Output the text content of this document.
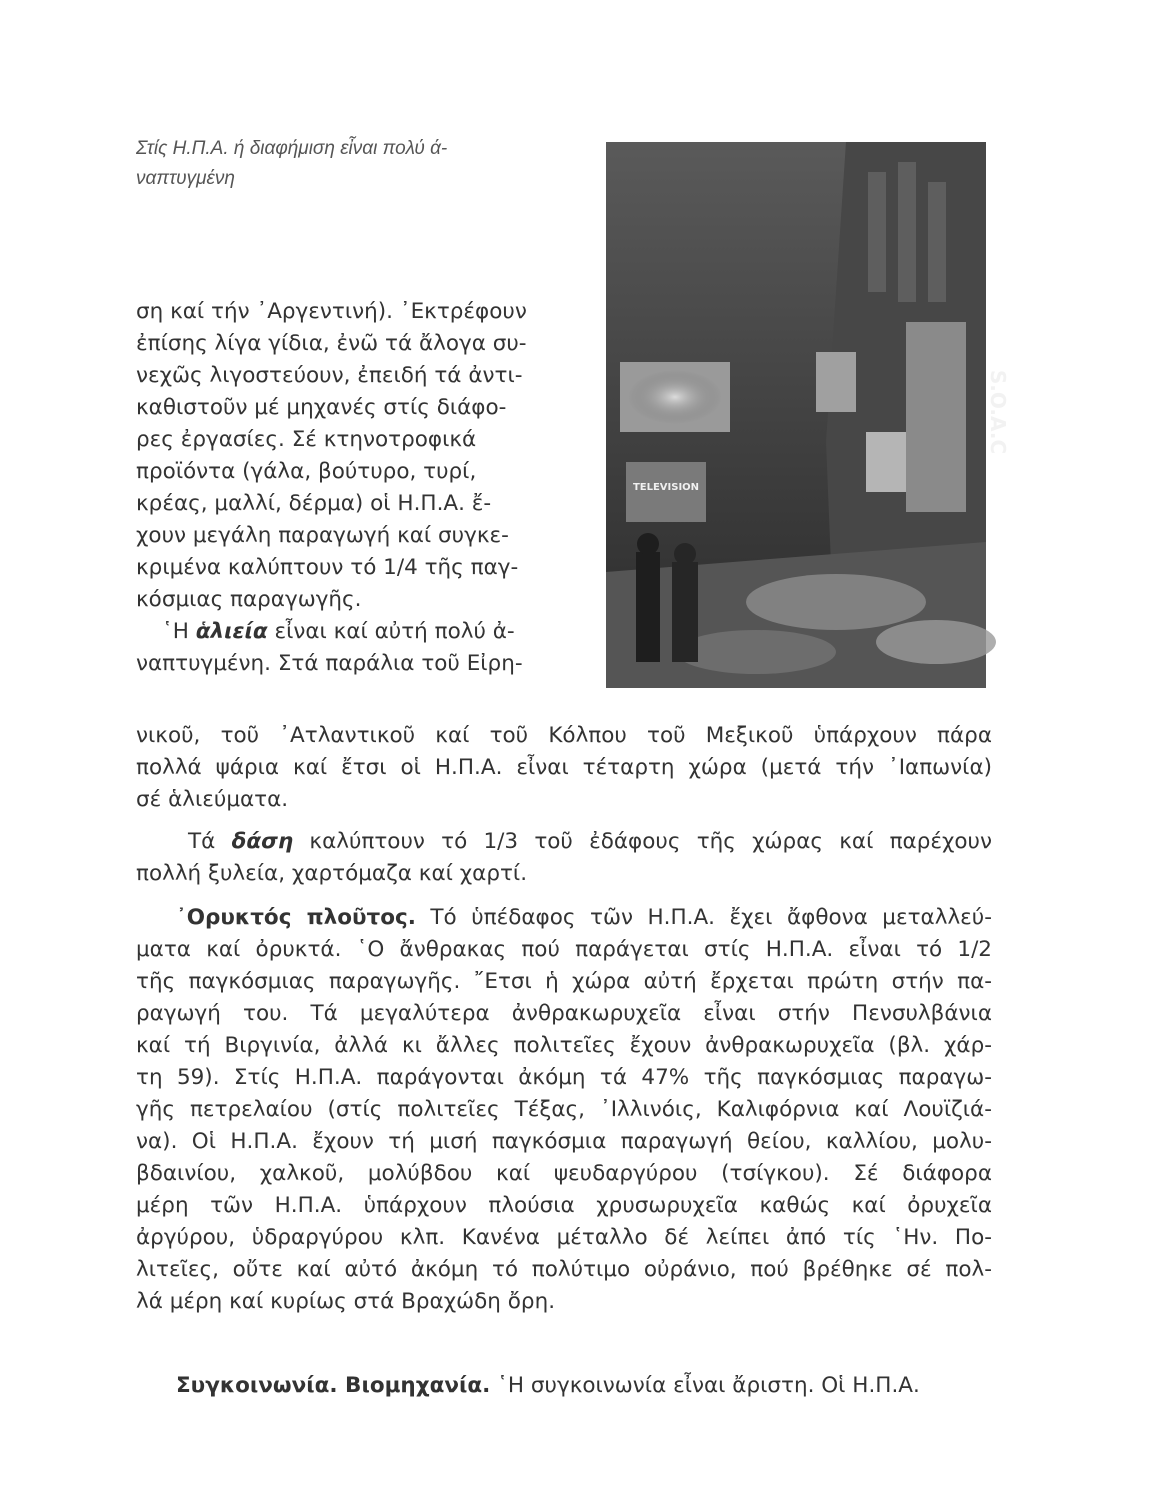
Στίς Η.Π.Α. ή διαφήμιση εἶναι πολύ ά-
ναπτυγμένη
S.O.A.C
TELEVISION
ση καί τήν ᾿Αργεντινή). ᾿Εκτρέφουν
ἐπίσης λίγα γίδια, ἐνῶ τά ἄλογα συ-
νεχῶς λιγοστεύουν, ἐπειδή τά ἀντι-
καθιστοῦν μέ μηχανές στίς διάφο-
ρες ἐργασίες. Σέ κτηνοτροφικά
προϊόντα (γάλα, βούτυρο, τυρί,
κρέας, μαλλί, δέρμα) οἱ Η.Π.Α. ἔ-
χουν μεγάλη παραγωγή καί συγκε-
κριμένα καλύπτουν τό 1/4 τῆς παγ-
κόσμιας παραγωγῆς.
῾Η ἁλιεία εἶναι καί αὐτή πολύ ἀ-
ναπτυγμένη. Στά παράλια τοῦ Εἰρη-
νικοῦ, τοῦ ᾿Ατλαντικοῦ καί τοῦ Κόλπου τοῦ Μεξικοῦ ὑπάρχουν πάρα
πολλά ψάρια καί ἔτσι οἱ Η.Π.Α. εἶναι τέταρτη χώρα (μετά τήν ᾿Ιαπωνία)
σέ ἁλιεύματα.
Τά δάση καλύπτουν τό 1/3 τοῦ ἐδάφους τῆς χώρας καί παρέχουν
πολλή ξυλεία, χαρτόμαζα καί χαρτί.
᾿Ορυκτός πλοῦτος. Τό ὑπέδαφος τῶν Η.Π.Α. ἔχει ἄφθονα μεταλλεύ-
ματα καί ὀρυκτά. ῾Ο ἄνθρακας πού παράγεται στίς Η.Π.Α. εἶναι τό 1/2
τῆς παγκόσμιας παραγωγῆς. ῎Ετσι ἡ χώρα αὐτή ἔρχεται πρώτη στήν πα-
ραγωγή του. Τά μεγαλύτερα ἀνθρακωρυχεῖα εἶναι στήν Πενσυλβάνια
καί τή Βιργινία, ἀλλά κι ἄλλες πολιτεῖες ἔχουν ἀνθρακωρυχεῖα (βλ. χάρ-
τη 59). Στίς Η.Π.Α. παράγονται ἀκόμη τά 47% τῆς παγκόσμιας παραγω-
γῆς πετρελαίου (στίς πολιτεῖες Τέξας, ᾿Ιλλινόις, Καλιφόρνια καί Λουϊζιά-
να). Οἱ Η.Π.Α. ἔχουν τή μισή παγκόσμια παραγωγή θείου, καλλίου, μολυ-
βδαινίου, χαλκοῦ, μολύβδου καί ψευδαργύρου (τσίγκου). Σέ διάφορα
μέρη τῶν Η.Π.Α. ὑπάρχουν πλούσια χρυσωρυχεῖα καθώς καί ὀρυχεῖα
ἀργύρου, ὑδραργύρου κλπ. Κανένα μέταλλο δέ λείπει ἀπό τίς ῾Ην. Πο-
λιτεῖες, οὔτε καί αὐτό ἀκόμη τό πολύτιμο οὐράνιο, πού βρέθηκε σέ πολ-
λά μέρη καί κυρίως στά Βραχώδη ὄρη.
Συγκοινωνία. Βιομηχανία. ῾Η συγκοινωνία εἶναι ἄριστη. Οἱ Η.Π.Α.
